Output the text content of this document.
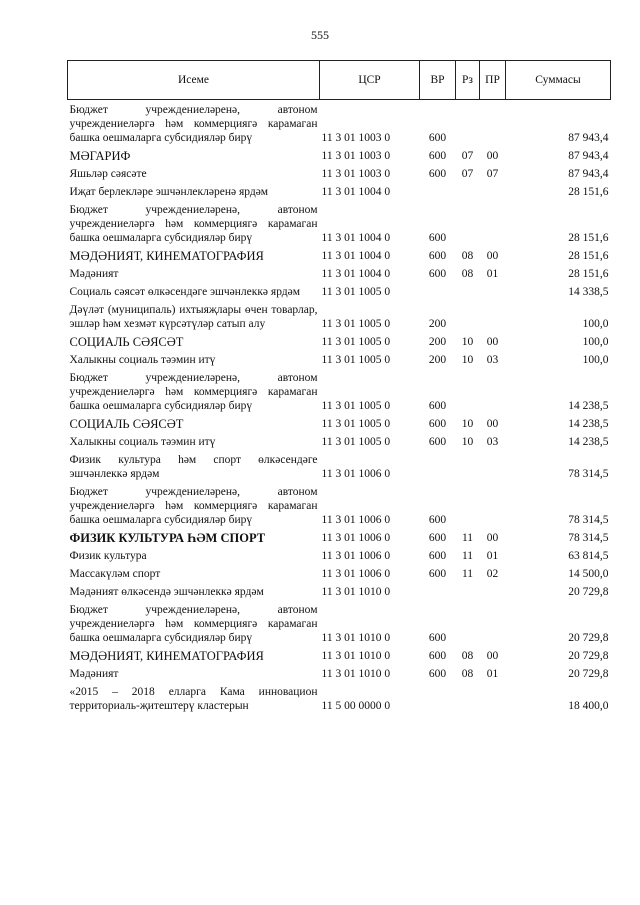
555
Исеме	ЦСР	ВР	Рз	ПР	Суммасы
Бюджет учреждениеләренә, автоном учреждениеләргә һәм коммерциягә карамаган башка оешмаларга субсидияләр бирү	11 3 01 1003 0	600			87 943,4
МӘГАРИФ	11 3 01 1003 0	600	07	00	87 943,4
Яшьләр сәясәте	11 3 01 1003 0	600	07	07	87 943,4
Иҗат берлекләре эшчәнлекләренә ярдәм	11 3 01 1004 0				28 151,6
Бюджет учреждениеләренә, автоном учреждениеләргә һәм коммерциягә карамаган башка оешмаларга субсидияләр бирү	11 3 01 1004 0	600			28 151,6
МӘДӘНИЯТ, КИНЕМАТОГРАФИЯ	11 3 01 1004 0	600	08	00	28 151,6
Мәдәният	11 3 01 1004 0	600	08	01	28 151,6
Социаль сәясәт өлкәсендәге эшчәнлеккә ярдәм	11 3 01 1005 0				14 338,5
Дәүләт (муниципаль) ихтыяҗлары өчен товарлар, эшләр һәм хезмәт күрсәтүләр сатып алу	11 3 01 1005 0	200			100,0
СОЦИАЛЬ СӘЯСӘТ	11 3 01 1005 0	200	10	00	100,0
Халыкны социаль тәэмин итү	11 3 01 1005 0	200	10	03	100,0
Бюджет учреждениеләренә, автоном учреждениеләргә һәм коммерциягә карамаган башка оешмаларга субсидияләр бирү	11 3 01 1005 0	600			14 238,5
СОЦИАЛЬ СӘЯСӘТ	11 3 01 1005 0	600	10	00	14 238,5
Халыкны социаль тәэмин итү	11 3 01 1005 0	600	10	03	14 238,5
Физик культура һәм спорт өлкәсендәге эшчәнлеккә ярдәм	11 3 01 1006 0				78 314,5
Бюджет учреждениеләренә, автоном учреждениеләргә һәм коммерциягә карамаган башка оешмаларга субсидияләр бирү	11 3 01 1006 0	600			78 314,5
ФИЗИК КУЛЬТУРА ҺӘМ СПОРТ	11 3 01 1006 0	600	11	00	78 314,5
Физик культура	11 3 01 1006 0	600	11	01	63 814,5
Массакүләм спорт	11 3 01 1006 0	600	11	02	14 500,0
Мәдәният өлкәсендә эшчәнлеккә ярдәм	11 3 01 1010 0				20 729,8
Бюджет учреждениеләренә, автоном учреждениеләргә һәм коммерциягә карамаган башка оешмаларга субсидияләр бирү	11 3 01 1010 0	600			20 729,8
МӘДӘНИЯТ, КИНЕМАТОГРАФИЯ	11 3 01 1010 0	600	08	00	20 729,8
Мәдәният	11 3 01 1010 0	600	08	01	20 729,8
«2015 – 2018 елларга Кама инновацион территориаль-җитештерү кластерын	11 5 00 0000 0				18 400,0
